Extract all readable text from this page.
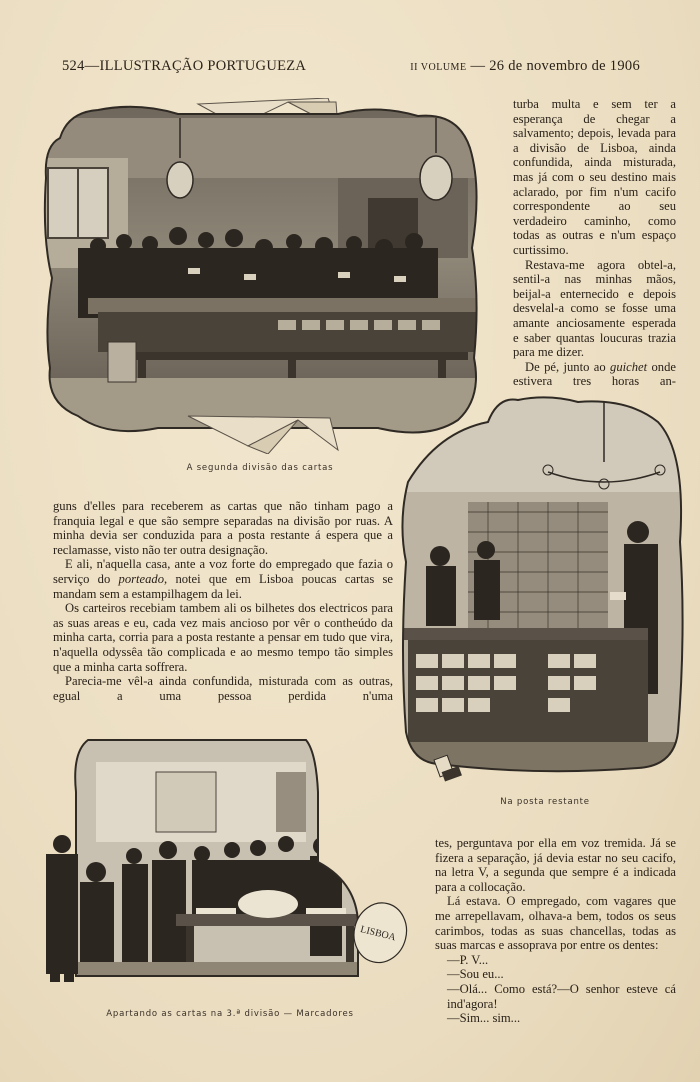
524—ILLUSTRAÇÃO PORTUGUEZA	II VOLUME — 26 de novembro de 1906
A segunda divisão das cartas

turba multa e sem ter a esperança de chegar a salvamento; depois, levada para a divisão de Lisboa, ainda confundida, ainda misturada, mas já com o seu destino mais aclarado, por fim n'um cacifo correspondente ao seu verdadeiro caminho, como todas as outras e n'um espaço curtissimo.

Restava-me agora obtel-a, sentil-a nas minhas mãos, beijal-a enternecido e depois desvelal-a como se fosse uma amante anciosamente esperada e saber quantas loucuras trazia para me dizer.

De pé, junto ao guichet onde estivera tres horas an-

guns d'elles para receberem as cartas que não tinham pago a franquia legal e que são sempre separadas na divisão por ruas. A minha devia ser conduzida para a posta restante á espera que a reclamasse, visto não ter outra designação.

E ali, n'aquella casa, ante a voz forte do empregado que fazia o serviço do porteado, notei que em Lisboa poucas cartas se mandam sem a estampilhagem da lei.

Os carteiros recebiam tambem ali os bilhetes dos electricos para as suas areas e eu, cada vez mais ancioso por vêr o contheúdo da minha carta, corria para a posta restante a pensar em tudo que vira, n'aquella odyssêa tão complicada e ao mesmo tempo tão simples que a minha carta soffrera.

Parecia-me vêl-a ainda confundida, misturada com as outras, egual a uma pessoa perdida n'uma

Na posta restante
LISBOA
Apartando as cartas na 3.ª divisão — Marcadores

tes, perguntava por ella em voz tremida. Já se fizera a separação, já devia estar no seu cacifo, na letra V, a segunda que sempre é a indicada para a collocação.

Lá estava. O empregado, com vagares que me arrepellavam, olhava-a bem, todos os seus carimbos, todas as suas chancellas, todas as suas marcas e assoprava por entre os dentes:

—P. V...
—Sou eu...
—Olá... Como está?—O senhor esteve cá ind'agora!
—Sim... sim...
